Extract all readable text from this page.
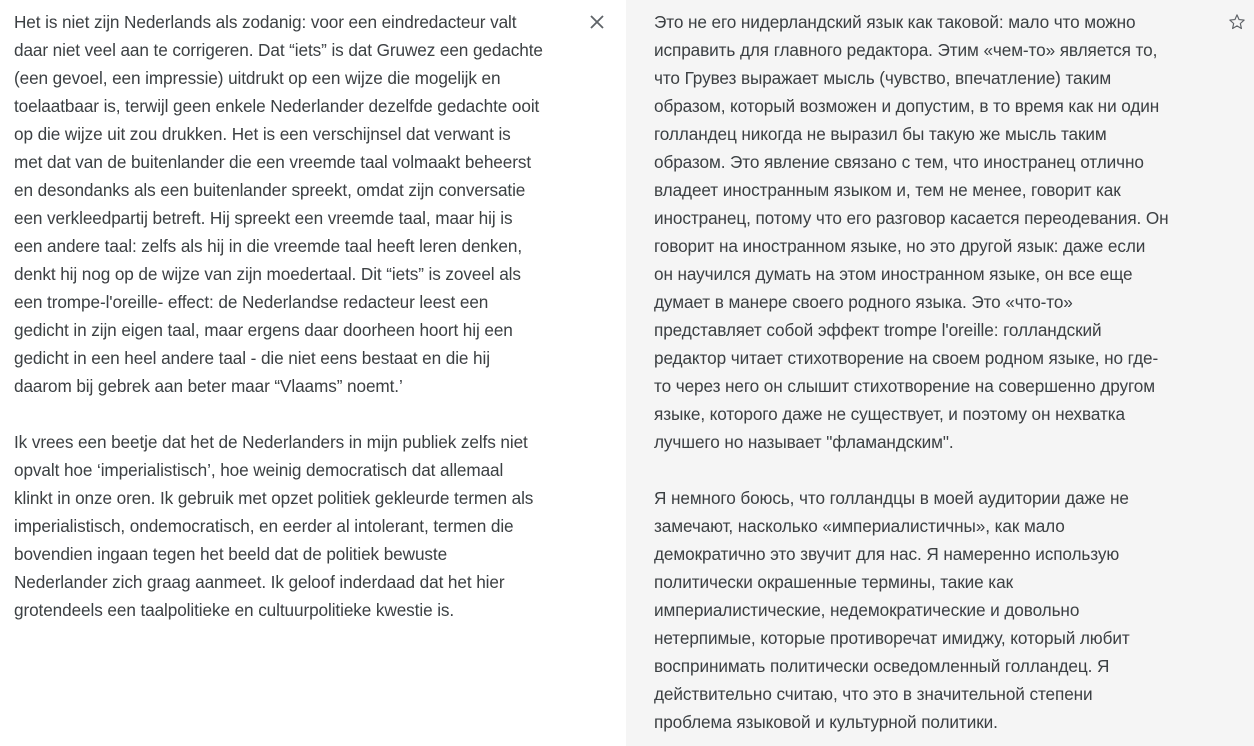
Het is niet zijn Nederlands als zodanig: voor een eindredacteur valt
daar niet veel aan te corrigeren. Dat “iets” is dat Gruwez een gedachte
(een gevoel, een impressie) uitdrukt op een wijze die mogelijk en
toelaatbaar is, terwijl geen enkele Nederlander dezelfde gedachte ooit
op die wijze uit zou drukken. Het is een verschijnsel dat verwant is
met dat van de buitenlander die een vreemde taal volmaakt beheerst
en desondanks als een buitenlander spreekt, omdat zijn conversatie
een verkleedpartij betreft. Hij spreekt een vreemde taal, maar hij is
een andere taal: zelfs als hij in die vreemde taal heeft leren denken,
denkt hij nog op de wijze van zijn moedertaal. Dit “iets” is zoveel als
een trompe-l'oreille- effect: de Nederlandse redacteur leest een
gedicht in zijn eigen taal, maar ergens daar doorheen hoort hij een
gedicht in een heel andere taal - die niet eens bestaat en die hij
daarom bij gebrek aan beter maar “Vlaams” noemt.’
Ik vrees een beetje dat het de Nederlanders in mijn publiek zelfs niet
opvalt hoe ‘imperialistisch’, hoe weinig democratisch dat allemaal
klinkt in onze oren. Ik gebruik met opzet politiek gekleurde termen als
imperialistisch, ondemocratisch, en eerder al intolerant, termen die
bovendien ingaan tegen het beeld dat de politiek bewuste
Nederlander zich graag aanmeet. Ik geloof inderdaad dat het hier
grotendeels een taalpolitieke en cultuurpolitieke kwestie is.
Это не его нидерландский язык как таковой: мало что можно
исправить для главного редактора. Этим «чем-то» является то,
что Грувез выражает мысль (чувство, впечатление) таким
образом, который возможен и допустим, в то время как ни один
голландец никогда не выразил бы такую же мысль таким
образом. Это явление связано с тем, что иностранец отлично
владеет иностранным языком и, тем не менее, говорит как
иностранец, потому что его разговор касается переодевания. Он
говорит на иностранном языке, но это другой язык: даже если
он научился думать на этом иностранном языке, он все еще
думает в манере своего родного языка. Это «что-то»
представляет собой эффект trompe l'oreille: голландский
редактор читает стихотворение на своем родном языке, но где-
то через него он слышит стихотворение на совершенно другом
языке, которого даже не существует, и поэтому он нехватка
лучшего но называет "фламандским".
Я немного боюсь, что голландцы в моей аудитории даже не
замечают, насколько «империалистичны», как мало
демократично это звучит для нас. Я намеренно использую
политически окрашенные термины, такие как
империалистические, недемократические и довольно
нетерпимые, которые противоречат имиджу, который любит
воспринимать политически осведомленный голландец. Я
действительно считаю, что это в значительной степени
проблема языковой и культурной политики.
